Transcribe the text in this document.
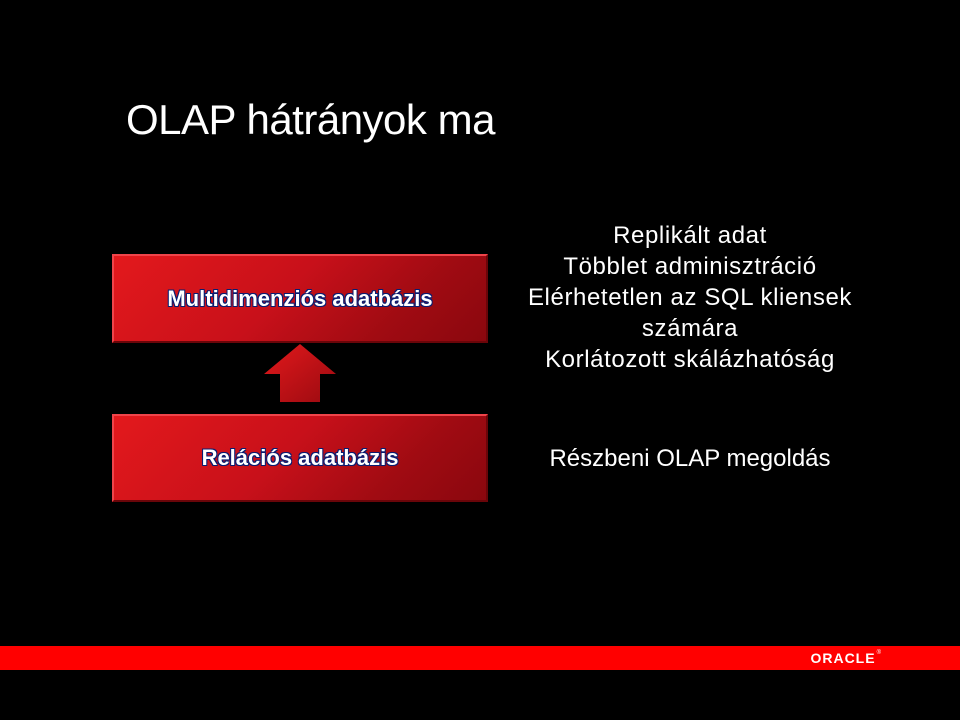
OLAP hátrányok ma
Multidimenziós adatbázis
Relációs adatbázis
Replikált adat
Többlet adminisztráció
Elérhetetlen az SQL kliensek
számára
Korlátozott skálázhatóság
Részbeni OLAP megoldás
ORACLE®
